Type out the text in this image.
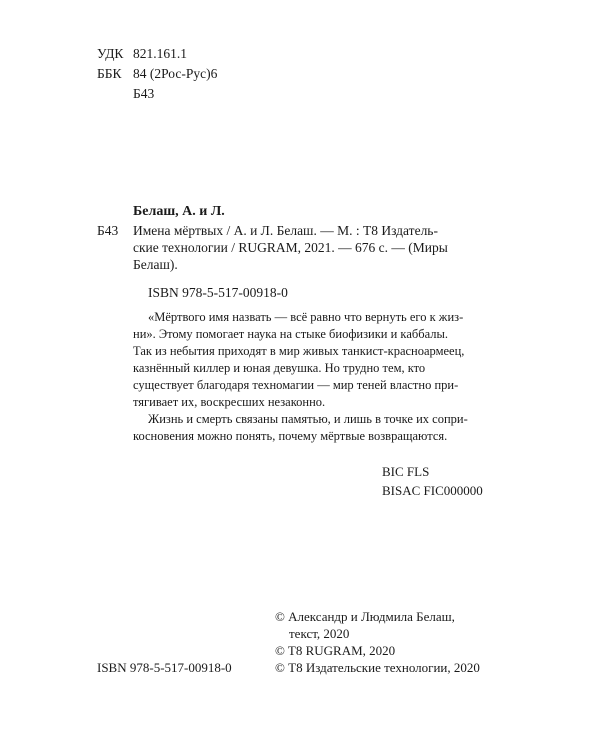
УДК 821.161.1
ББК 84 (2Рос-Рус)6
Б43
Белаш, А. и Л.
Б43 Имена мёртвых / А. и Л. Белаш. — М. : Т8 Издатель-
ские технологии / RUGRAM, 2021. — 676 с. — (Миры
Белаш).
ISBN 978-5-517-00918-0
«Мёртвого имя назвать — всё равно что вернуть его к жиз-
ни». Этому помогает наука на стыке биофизики и каббалы.
Так из небытия приходят в мир живых танкист-красноармеец,
казнённый киллер и юная девушка. Но трудно тем, кто
существует благодаря техномагии — мир теней властно при-
тягивает их, воскресших незаконно.
Жизнь и смерть связаны памятью, и лишь в точке их сопри-
косновения можно понять, почему мёртвые возвращаются.
BIC FLS
BISAC FIC000000
ISBN 978-5-517-00918-0
© Александр и Людмила Белаш,
текст, 2020
© T8 RUGRAM, 2020
© Т8 Издательские технологии, 2020
